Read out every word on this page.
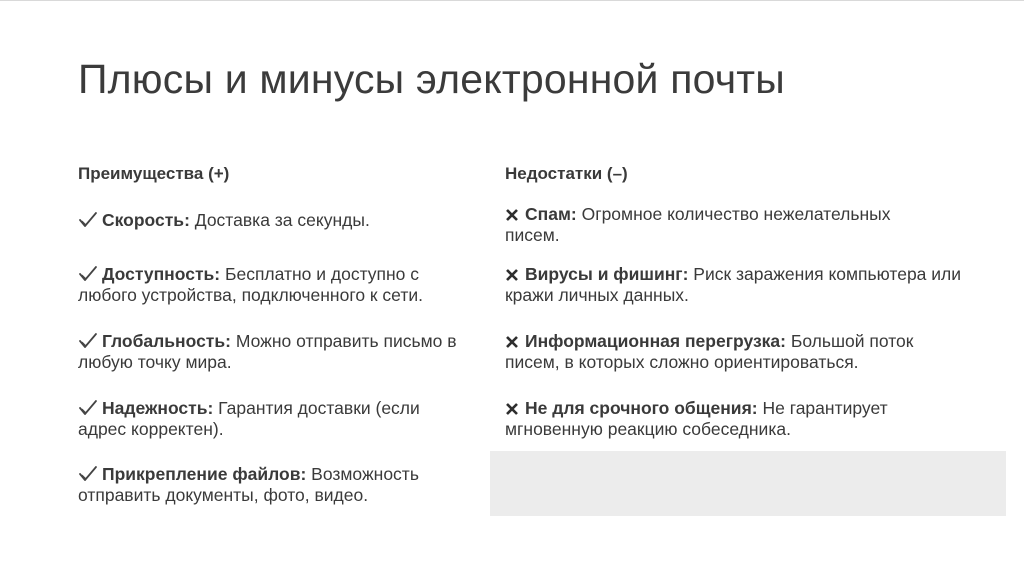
Плюсы и минусы электронной почты
Преимущества (+)
Скорость: Доставка за секунды.
Доступность: Бесплатно и доступно с любого устройства, подключенного к сети.
Глобальность: Можно отправить письмо в любую точку мира.
Надежность: Гарантия доставки (если адрес корректен).
Прикрепление файлов: Возможность отправить документы, фото, видео.
Недостатки (–)
Спам: Огромное количество нежелательных писем.
Вирусы и фишинг: Риск заражения компьютера или кражи личных данных.
Информационная перегрузка: Большой поток писем, в которых сложно ориентироваться.
Не для срочного общения: Не гарантирует мгновенную реакцию собеседника.
